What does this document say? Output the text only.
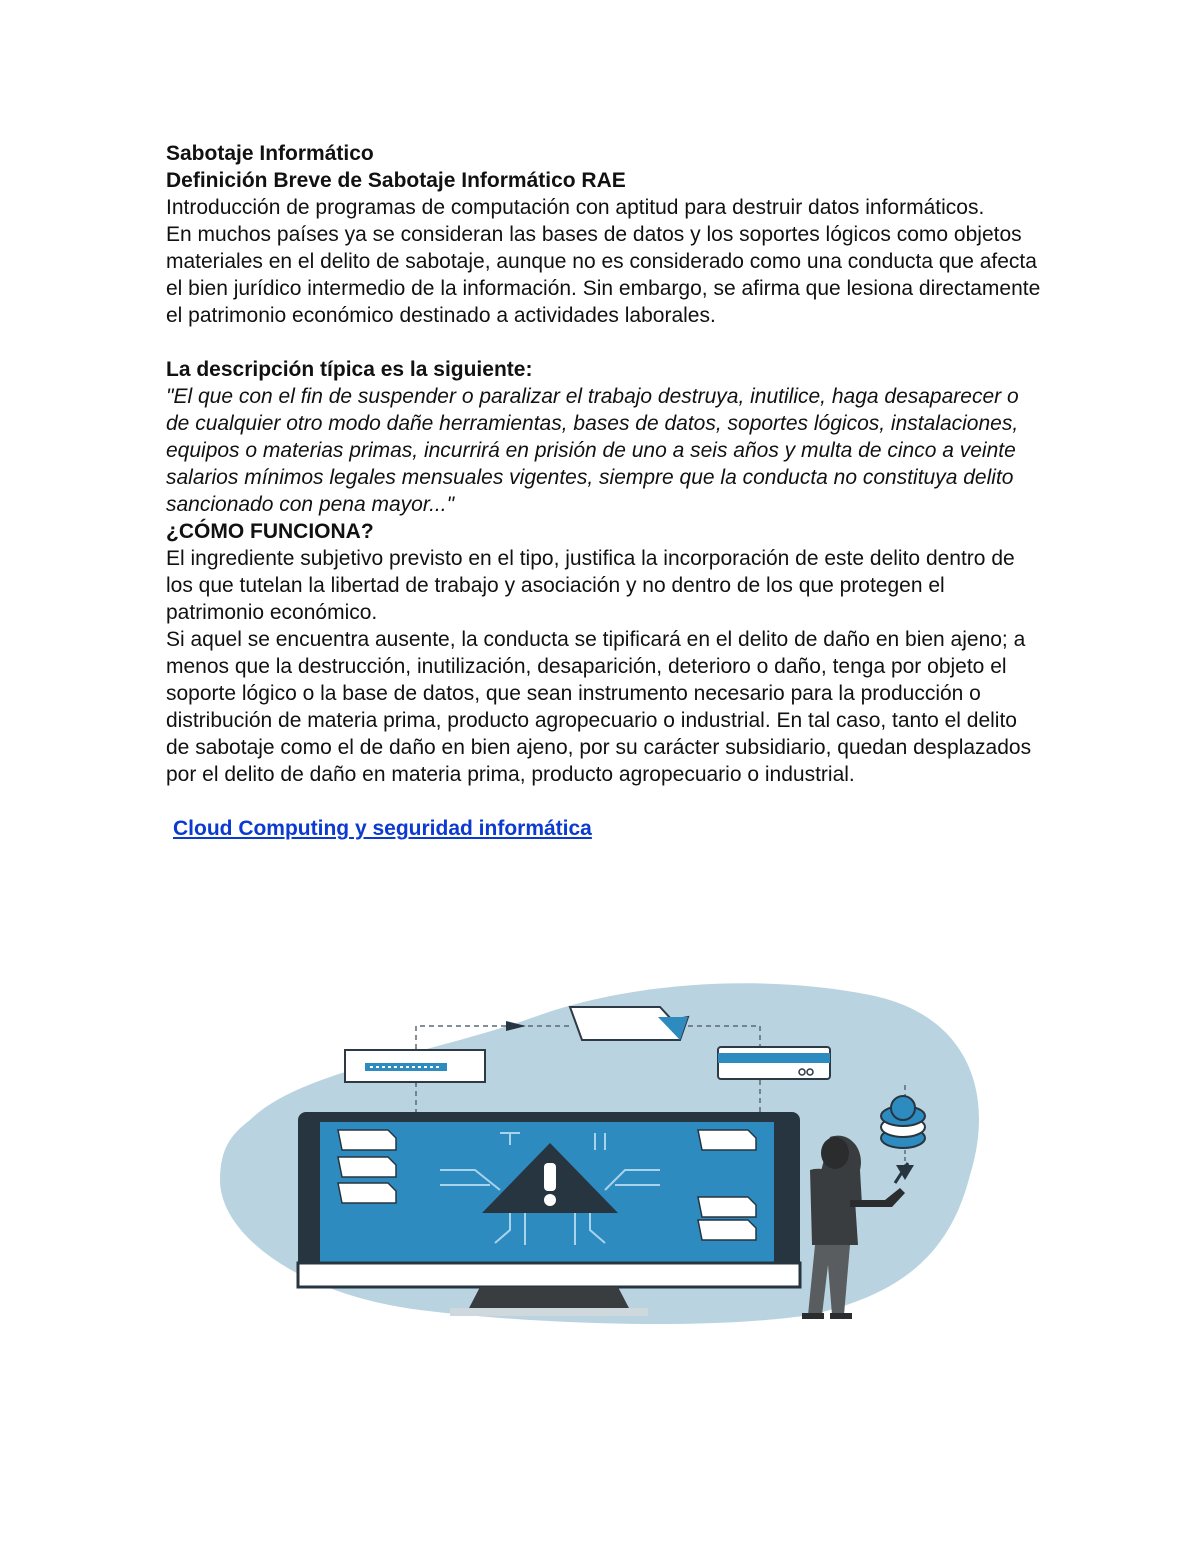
Sabotaje Informático

Definición Breve de Sabotaje Informático RAE

Introducción de programas de computación con aptitud para destruir datos informáticos.

En muchos países ya se consideran las bases de datos y los soportes lógicos como objetos materiales en el delito de sabotaje, aunque no es considerado como una conducta que afecta el bien jurídico intermedio de la información. Sin embargo, se afirma que lesiona directamente el patrimonio económico destinado a actividades laborales.

La descripción típica es la siguiente:

"El que con el fin de suspender o paralizar el trabajo destruya, inutilice, haga desaparecer o de cualquier otro modo dañe herramientas, bases de datos, soportes lógicos, instalaciones, equipos o materias primas, incurrirá en prisión de uno a seis años y multa de cinco a veinte salarios mínimos legales mensuales vigentes, siempre que la conducta no constituya delito sancionado con pena mayor..."

¿CÓMO FUNCIONA?

El ingrediente subjetivo previsto en el tipo, justifica la incorporación de este delito dentro de los que tutelan la libertad de trabajo y asociación y no dentro de los que protegen el patrimonio económico.

Si aquel se encuentra ausente, la conducta se tipificará en el delito de daño en bien ajeno; a menos que la destrucción, inutilización, desaparición, deterioro o daño, tenga por objeto el soporte lógico o la base de datos, que sean instrumento necesario para la producción o distribución de materia prima, producto agropecuario o industrial. En tal caso, tanto el delito de sabotaje como el de daño en bien ajeno, por su carácter subsidiario, quedan desplazados por el delito de daño en materia prima, producto agropecuario o industrial.

Cloud Computing y seguridad informática
